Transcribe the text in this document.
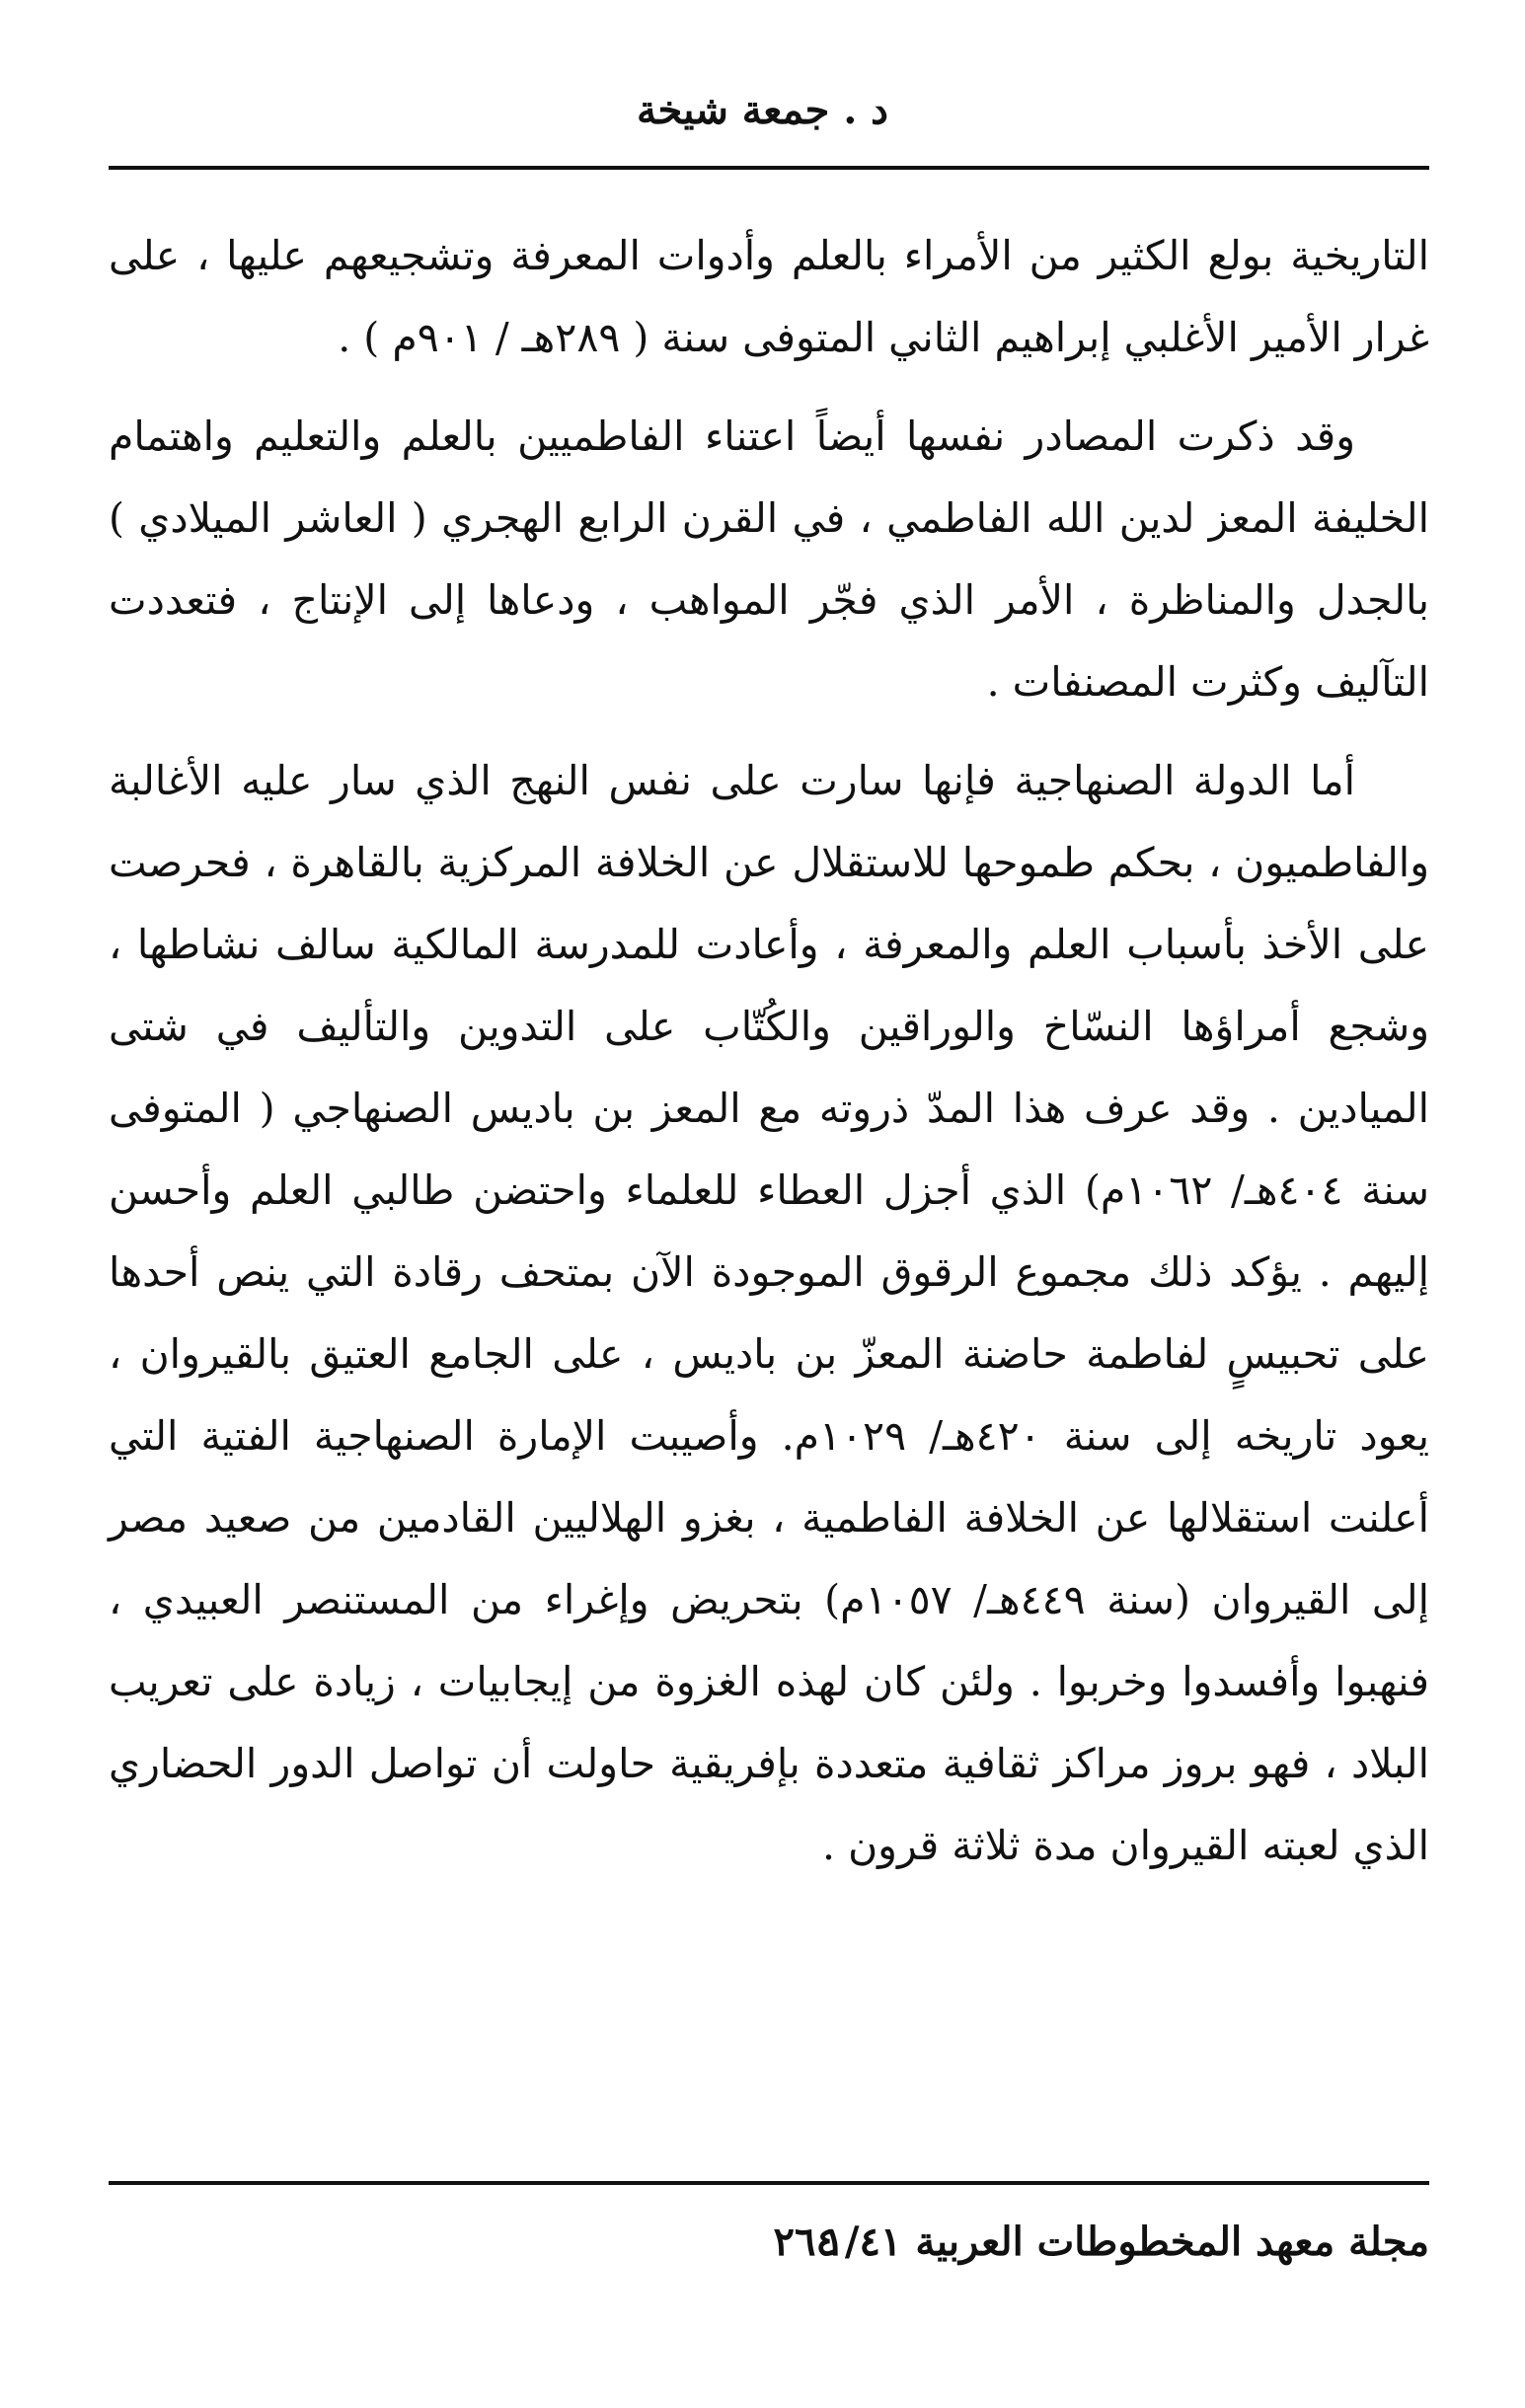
د . جمعة شيخة

التاريخية بولع الكثير من الأمراء بالعلم وأدوات المعرفة وتشجيعهم عليها ، على غرار الأمير الأغلبي إبراهيم الثاني المتوفى سنة ( ٢٨٩هـ / ٩٠١م ) .

وقد ذكرت المصادر نفسها أيضاً اعتناء الفاطميين بالعلم والتعليم واهتمام الخليفة المعز لدين الله الفاطمي ، في القرن الرابع الهجري ( العاشر الميلادي ) بالجدل والمناظرة ، الأمر الذي فجّر المواهب ، ودعاها إلى الإنتاج ، فتعددت التآليف وكثرت المصنفات .

أما الدولة الصنهاجية فإنها سارت على نفس النهج الذي سار عليه الأغالبة والفاطميون ، بحكم طموحها للاستقلال عن الخلافة المركزية بالقاهرة ، فحرصت على الأخذ بأسباب العلم والمعرفة ، وأعادت للمدرسة المالكية سالف نشاطها ، وشجع أمراؤها النسّاخ والوراقين والكُتّاب على التدوين والتأليف في شتى الميادين . وقد عرف هذا المدّ ذروته مع المعز بن باديس الصنهاجي ( المتوفى سنة ٤٠٤هـ/ ١٠٦٢م) الذي أجزل العطاء للعلماء واحتضن طالبي العلم وأحسن إليهم . يؤكد ذلك مجموع الرقوق الموجودة الآن بمتحف رقادة التي ينص أحدها على تحبيسٍ لفاطمة حاضنة المعزّ بن باديس ، على الجامع العتيق بالقيروان ، يعود تاريخه إلى سنة ٤٢٠هـ/ ١٠٢٩م. وأصيبت الإمارة الصنهاجية الفتية التي أعلنت استقلالها عن الخلافة الفاطمية ، بغزو الهلاليين القادمين من صعيد مصر إلى القيروان (سنة ٤٤٩هـ/ ١٠٥٧م) بتحريض وإغراء من المستنصر العبيدي ، فنهبوا وأفسدوا وخربوا . ولئن كان لهذه الغزوة من إيجابيات ، زيادة على تعريب البلاد ، فهو بروز مراكز ثقافية متعددة بإفريقية حاولت أن تواصل الدور الحضاري الذي لعبته القيروان مدة ثلاثة قرون .

مجلة معهد المخطوطات العربية ١/٤١
٢٦٤
